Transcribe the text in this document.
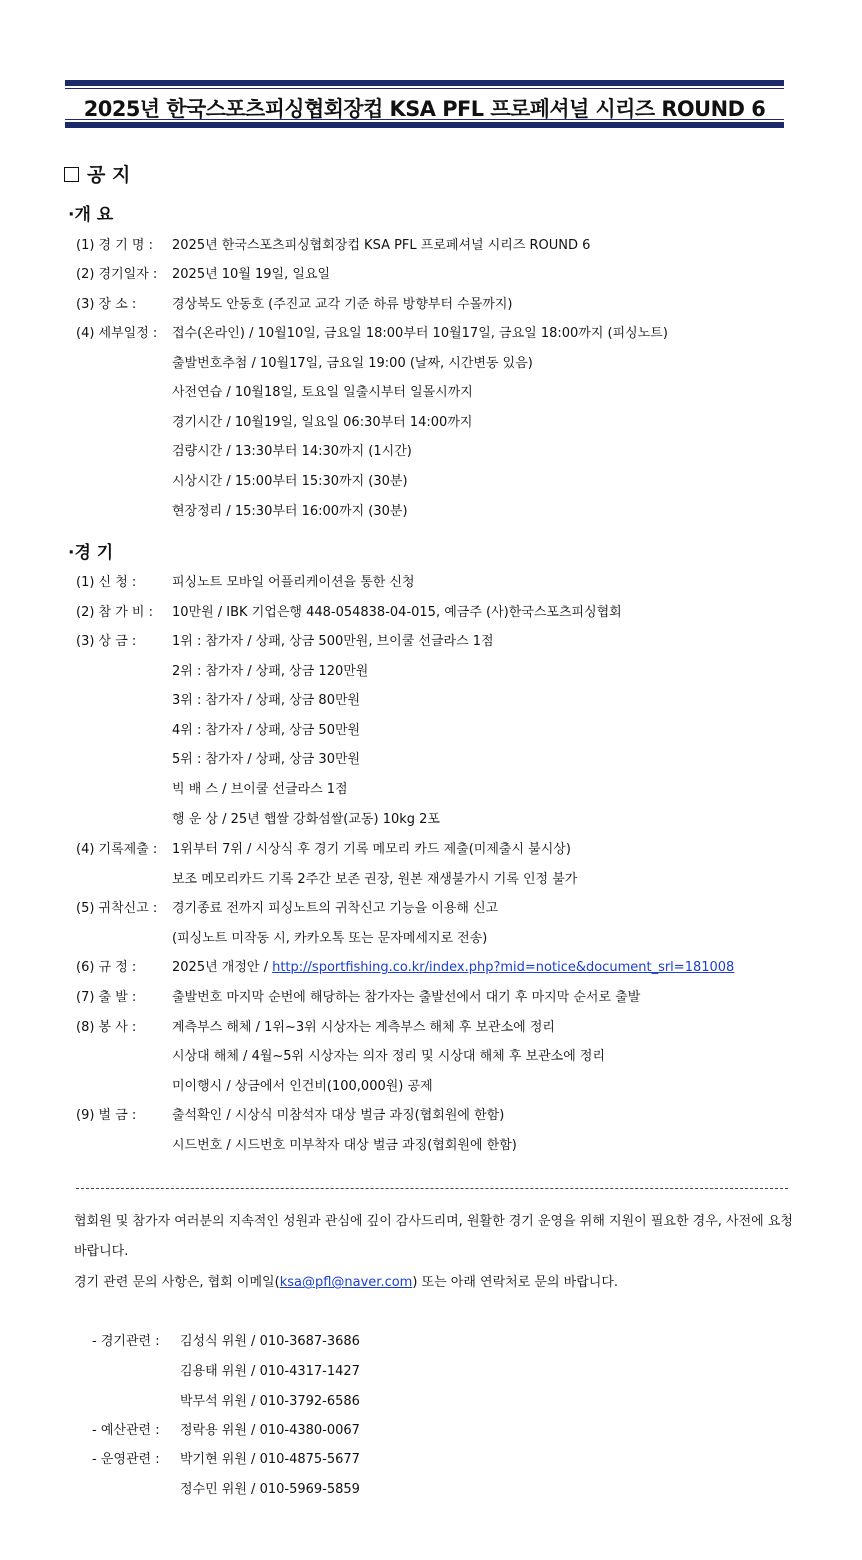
2025년 한국스포츠피싱협회장컵 KSA PFL 프로페셔널 시리즈 ROUND 6
공 지
·개 요
(1) 경 기 명 : 2025년 한국스포츠피싱협회장컵 KSA PFL 프로페셔널 시리즈 ROUND 6
(2) 경기일자 : 2025년 10월 19일, 일요일
(3) 장 소 :	경상북도 안동호 (주진교 교각 기준 하류 방향부터 수몰까지)
(4) 세부일정 : 접수(온라인) / 10월10일, 금요일 18:00부터 10월17일, 금요일 18:00까지 (피싱노트)
출발번호추첨 / 10월17일, 금요일 19:00 (날짜, 시간변동 있음)
사전연습 / 10월18일, 토요일 일출시부터 일몰시까지
경기시간 / 10월19일, 일요일 06:30부터 14:00까지
검량시간 / 13:30부터 14:30까지 (1시간)
시상시간 / 15:00부터 15:30까지 (30분)
현장정리 / 15:30부터 16:00까지 (30분)
·경 기
(1) 신 청 :	피싱노트 모바일 어플리케이션을 통한 신청
(2) 참 가 비 : 10만원 / IBK 기업은행 448-054838-04-015, 예금주 (사)한국스포츠피싱협회
(3) 상 금 :	1위 : 참가자 / 상패, 상금 500만원, 브이쿨 선글라스 1점
2위 : 참가자 / 상패, 상금 120만원
3위 : 참가자 / 상패, 상금 80만원
4위 : 참가자 / 상패, 상금 50만원
5위 : 참가자 / 상패, 상금 30만원
빅 배 스 / 브이쿨 선글라스 1점
행 운 상 / 25년 햅쌀 강화섬쌀(교동) 10kg 2포
(4) 기록제출 : 1위부터 7위 / 시상식 후 경기 기록 메모리 카드 제출(미제출시 불시상)
보조 메모리카드 기록 2주간 보존 권장, 원본 재생불가시 기록 인정 불가
(5) 귀착신고 : 경기종료 전까지 피싱노트의 귀착신고 기능을 이용해 신고
(피싱노트 미작동 시, 카카오톡 또는 문자메세지로 전송)
(6) 규 정 :	2025년 개정안 / http://sportfishing.co.kr/index.php?mid=notice&document_srl=181008
(7) 출 발 :	출발번호 마지막 순번에 해당하는 참가자는 출발선에서 대기 후 마지막 순서로 출발
(8) 봉 사 :	계측부스 해체 / 1위~3위 시상자는 계측부스 해체 후 보관소에 정리
시상대 해체 / 4월~5위 시상자는 의자 정리 및 시상대 해체 후 보관소에 정리
미이행시 / 상금에서 인건비(100,000원) 공제
(9) 벌 금 :	출석확인 / 시상식 미참석자 대상 벌금 과징(협회원에 한함)
시드번호 / 시드번호 미부착자 대상 벌금 과징(협회원에 한함)
협회원 및 참가자 여러분의 지속적인 성원과 관심에 깊이 감사드리며, 원활한 경기 운영을 위해 지원이 필요한 경우, 사전에 요청바랍니다.
경기 관련 문의 사항은, 협회 이메일(ksa@pfl@naver.com) 또는 아래 연락처로 문의 바랍니다.
- 경기관련 : 김성식 위원 / 010-3687-3686
김용태 위원 / 010-4317-1427
박무석 위원 / 010-3792-6586
- 예산관련 : 정락용 위원 / 010-4380-0067
- 운영관련 : 박기현 위원 / 010-4875-5677
정수민 위원 / 010-5969-5859
